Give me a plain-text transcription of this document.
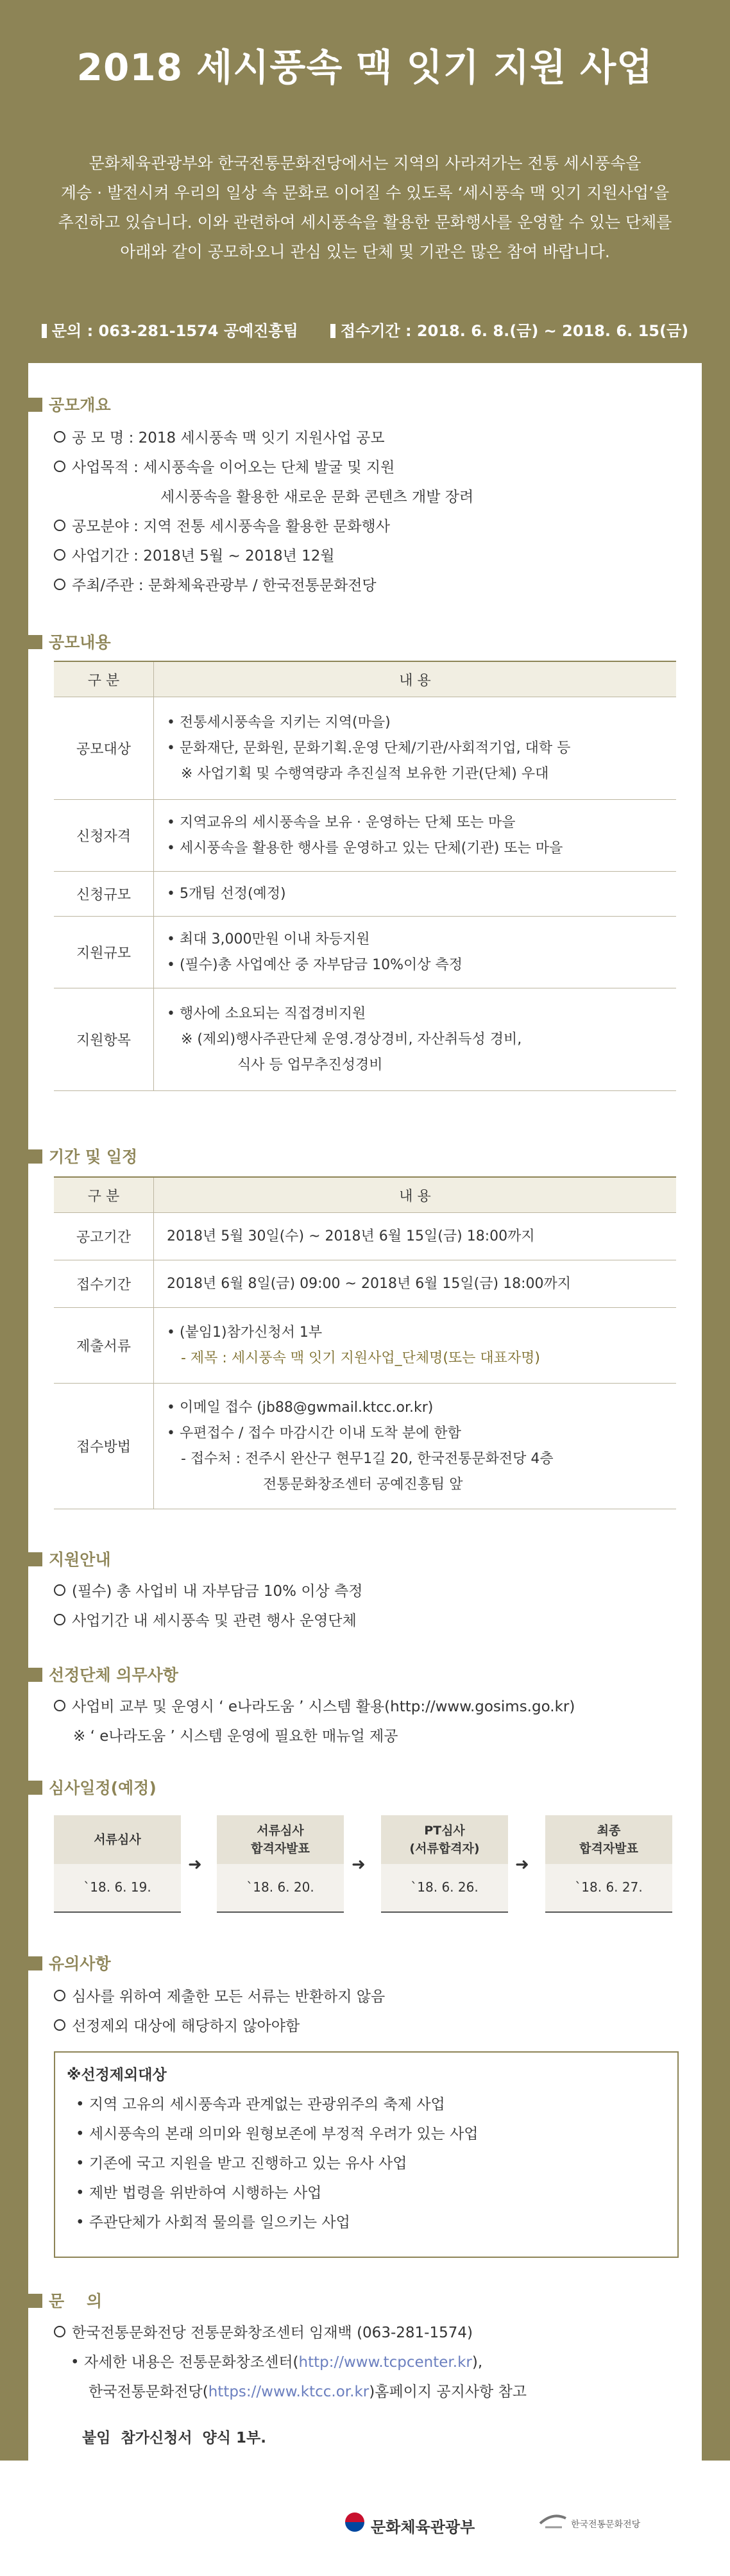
2018 세시풍속 맥 잇기 지원 사업
문화체육관광부와 한국전통문화전당에서는 지역의 사라져가는 전통 세시풍속을
계승 · 발전시켜 우리의 일상 속 문화로 이어질 수 있도록 ‘세시풍속 맥 잇기 지원사업’을
추진하고 있습니다. 이와 관련하여 세시풍속을 활용한 문화행사를 운영할 수 있는 단체를
아래와 같이 공모하오니 관심 있는 단체 및 기관은 많은 참여 바랍니다.
문의 : 063-281-1574 공예진흥팀	접수기간 : 2018. 6. 8.(금) ~ 2018. 6. 15(금)
공모개요
공 모 명 : 2018 세시풍속 맥 잇기 지원사업 공모
사업목적 : 세시풍속을 이어오는 단체 발굴 및 지원
세시풍속을 활용한 새로운 문화 콘텐츠 개발 장려
공모분야 : 지역 전통 세시풍속을 활용한 문화행사
사업기간 : 2018년 5월 ~ 2018년 12월
주최/주관 : 문화체육관광부 / 한국전통문화전당
공모내용
구 분	내 용
공모대상	• 전통세시풍속을 지키는 지역(마을)
• 문화재단, 문화원, 문화기획․운영 단체/기관/사회적기업, 대학 등
※ 사업기획 및 수행역량과 추진실적 보유한 기관(단체) 우대

신청자격	• 지역교유의 세시풍속을 보유 · 운영하는 단체 또는 마을
• 세시풍속을 활용한 행사를 운영하고 있는 단체(기관) 또는 마을

신청규모	• 5개팀 선정(예정)

지원규모	• 최대 3,000만원 이내 차등지원
• (필수)총 사업예산 중 자부담금 10%이상 측정

지원항목	• 행사에 소요되는 직접경비지원
※ (제외)행사주관단체 운영․경상경비, 자산취득성 경비,
식사 등 업무추진성경비
기간 및 일정
구 분	내 용
공고기간	2018년 5월 30일(수) ~ 2018년 6월 15일(금) 18:00까지

접수기간	2018년 6월 8일(금) 09:00 ~ 2018년 6월 15일(금) 18:00까지

제출서류	• (붙임1)참가신청서 1부
- 제목 : 세시풍속 맥 잇기 지원사업_단체명(또는 대표자명)

접수방법	• 이메일 접수 (jb88@gwmail.ktcc.or.kr)
• 우편접수 / 접수 마감시간 이내 도착 분에 한함
- 접수처 : 전주시 완산구 현무1길 20, 한국전통문화전당 4층
전통문화창조센터 공예진흥팀 앞
지원안내
(필수) 총 사업비 내 자부담금 10% 이상 측정
사업기간 내 세시풍속 및 관련 행사 운영단체
선정단체 의무사항
사업비 교부 및 운영시 ‘ e나라도움 ’ 시스템 활용(http://www.gosims.go.kr)
※ ‘ e나라도움 ’ 시스템 운영에 필요한 매뉴얼 제공
심사일정(예정)
서류심사
`18. 6. 19.
➜
서류심사
합격자발표
`18. 6. 20.
➜
PT심사
(서류합격자)
`18. 6. 26.
➜
최종
합격자발표
`18. 6. 27.
유의사항
심사를 위하여 제출한 모든 서류는 반환하지 않음
선정제외 대상에 해당하지 않아야함
※선정제외대상
• 지역 고유의 세시풍속과 관계없는 관광위주의 축제 사업
• 세시풍속의 본래 의미와 원형보존에 부정적 우려가 있는 사업
• 기존에 국고 지원을 받고 진행하고 있는 유사 사업
• 제반 법령을 위반하여 시행하는 사업
• 주관단체가 사회적 물의를 일으키는 사업
문    의
한국전통문화전당 전통문화창조센터 임재백 (063-281-1574)
• 자세한 내용은 전통문화창조센터(http://www.tcpcenter.kr),
한국전통문화전당(https://www.ktcc.or.kr)홈페이지 공지사항 참고
붙임  참가신청서  양식 1부.
문화체육관광부	한국전통문화전당
